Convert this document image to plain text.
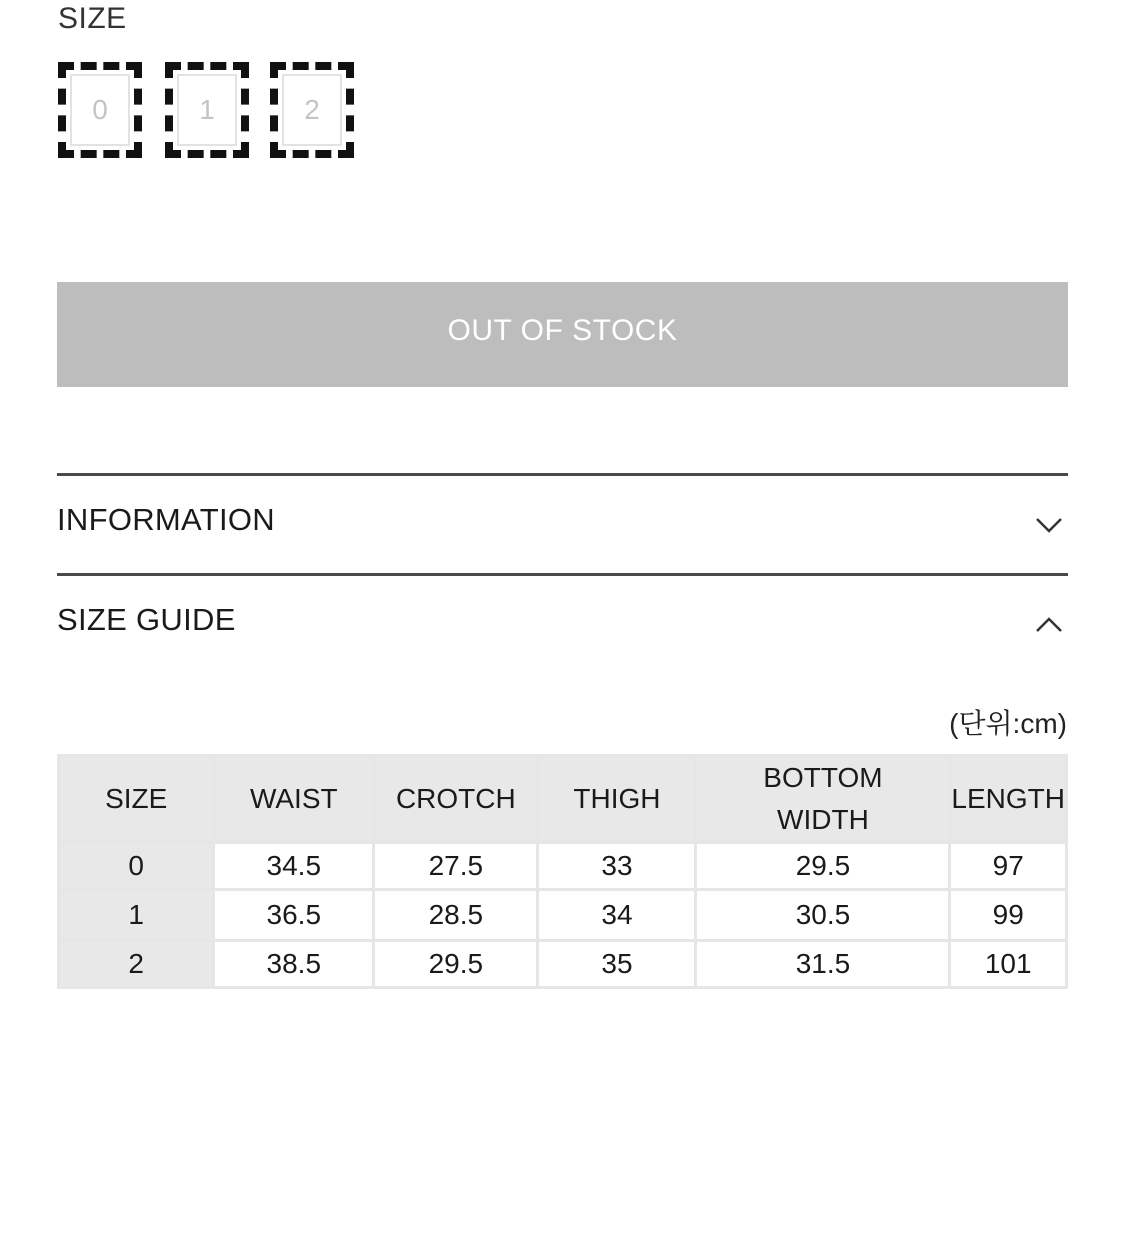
SIZE
0	1	2
OUT OF STOCK
INFORMATION
SIZE GUIDE
(단위:cm)
SIZE	WAIST	CROTCH	THIGH	BOTTOM WIDTH	LENGTH
0	34.5	27.5	33	29.5	97
1	36.5	28.5	34	30.5	99
2	38.5	29.5	35	31.5	101
